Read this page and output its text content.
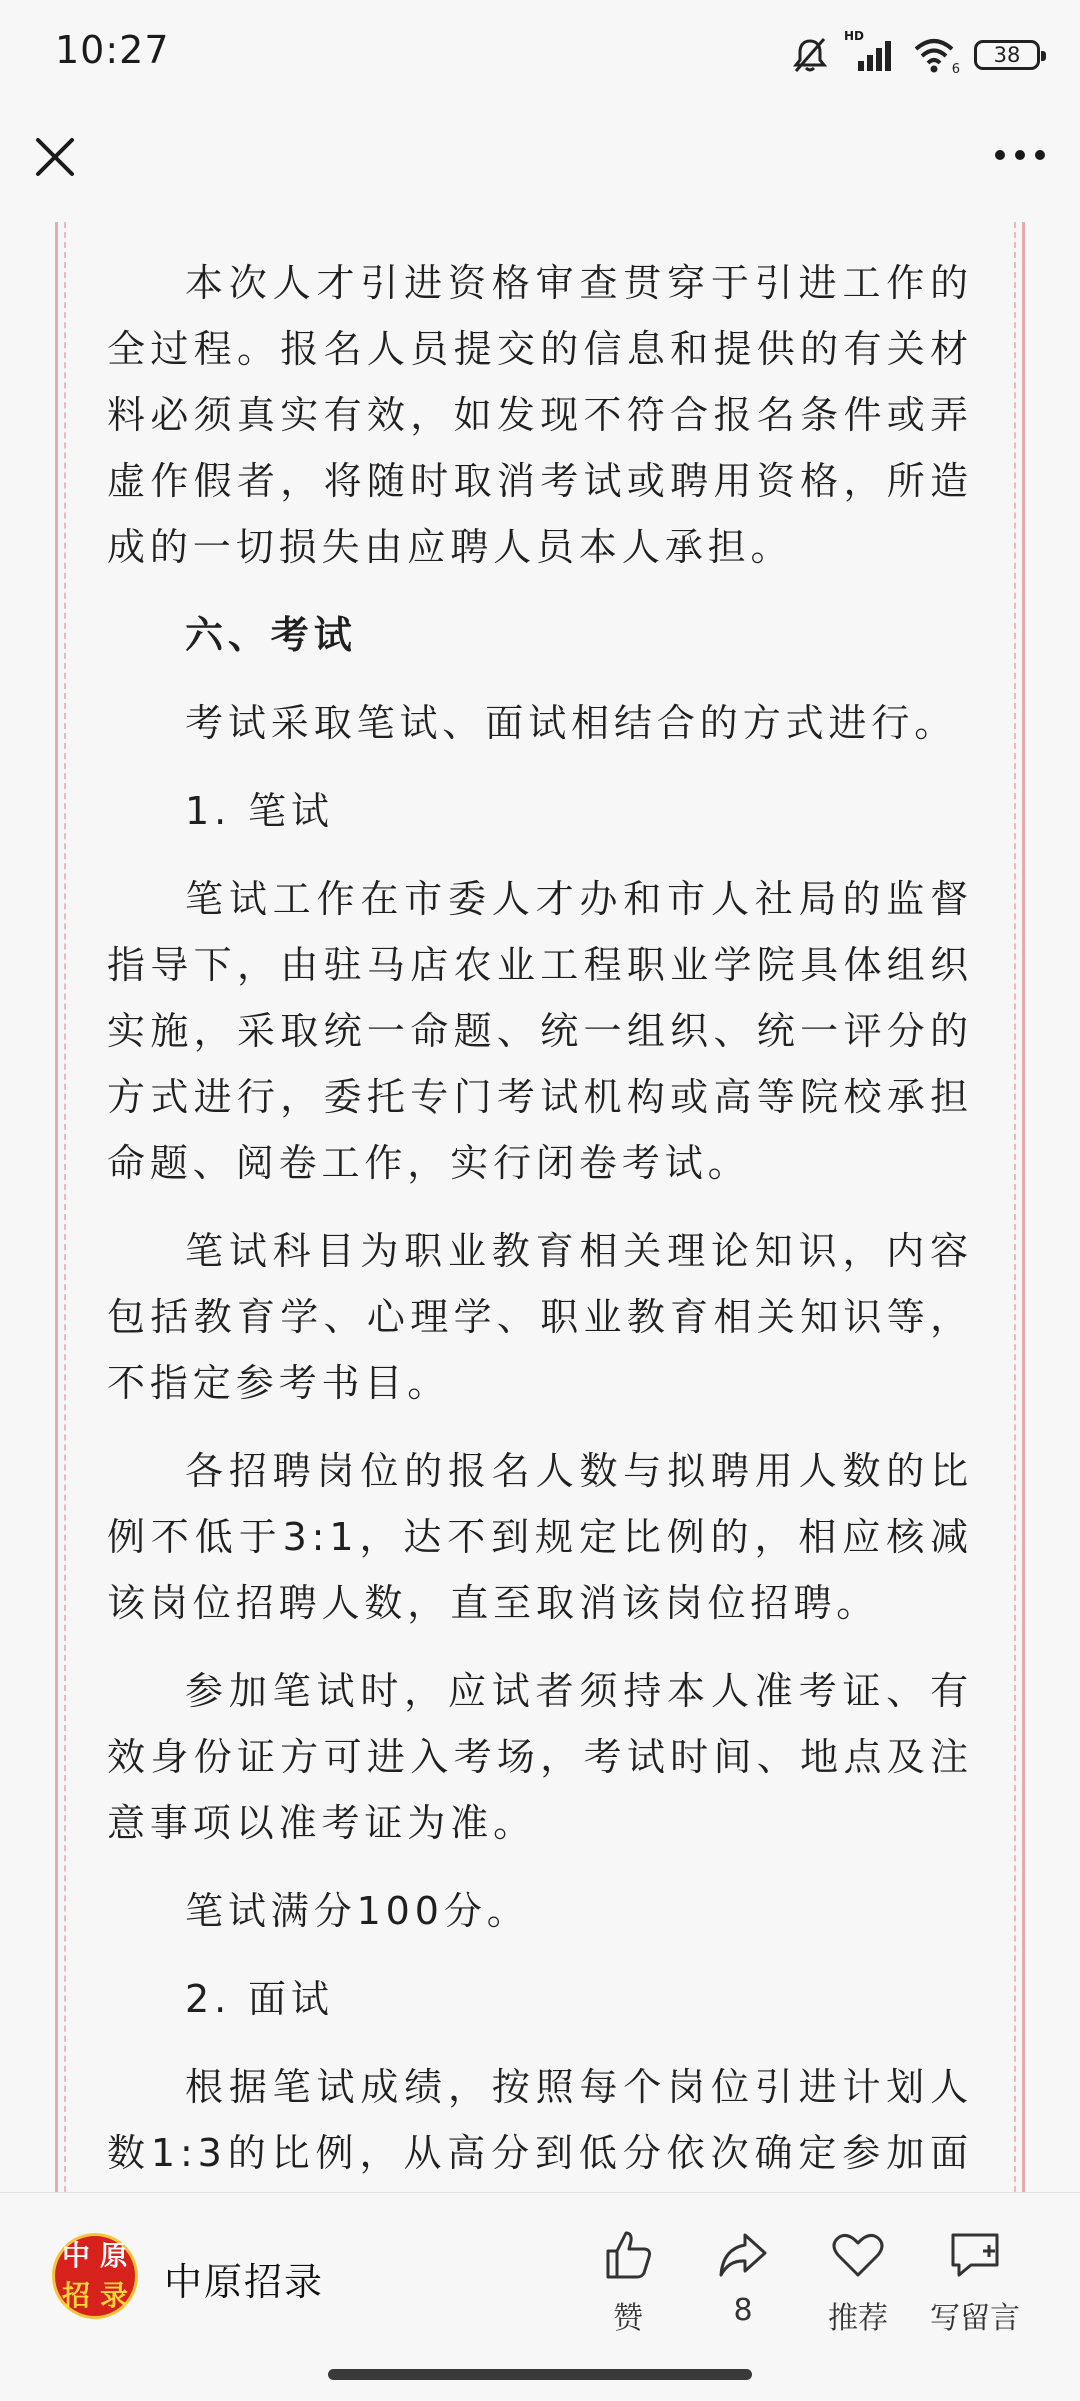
10:27	HD
6
38

本次人才引进资格审查贯穿于引进工作的全过程。报名人员提交的信息和提供的有关材料必须真实有效，如发现不符合报名条件或弄虚作假者，将随时取消考试或聘用资格，所造成的一切损失由应聘人员本人承担。

六、考试

考试采取笔试、面试相结合的方式进行。

1. 笔试

笔试工作在市委人才办和市人社局的监督指导下，由驻马店农业工程职业学院具体组织实施，采取统一命题、统一组织、统一评分的方式进行，委托专门考试机构或高等院校承担命题、阅卷工作，实行闭卷考试。

笔试科目为职业教育相关理论知识，内容包括教育学、心理学、职业教育相关知识等，不指定参考书目。

各招聘岗位的报名人数与拟聘用人数的比例不低于3:1，达不到规定比例的，相应核减该岗位招聘人数，直至取消该岗位招聘。

参加笔试时，应试者须持本人准考证、有效身份证方可进入考场，考试时间、地点及注意事项以准考证为准。

笔试满分100分。

2. 面试

根据笔试成绩，按照每个岗位引进计划人数1:3的比例，从高分到低分依次确定参加面

中 原
招 录 中原招录
赞	8	推荐	写留言
